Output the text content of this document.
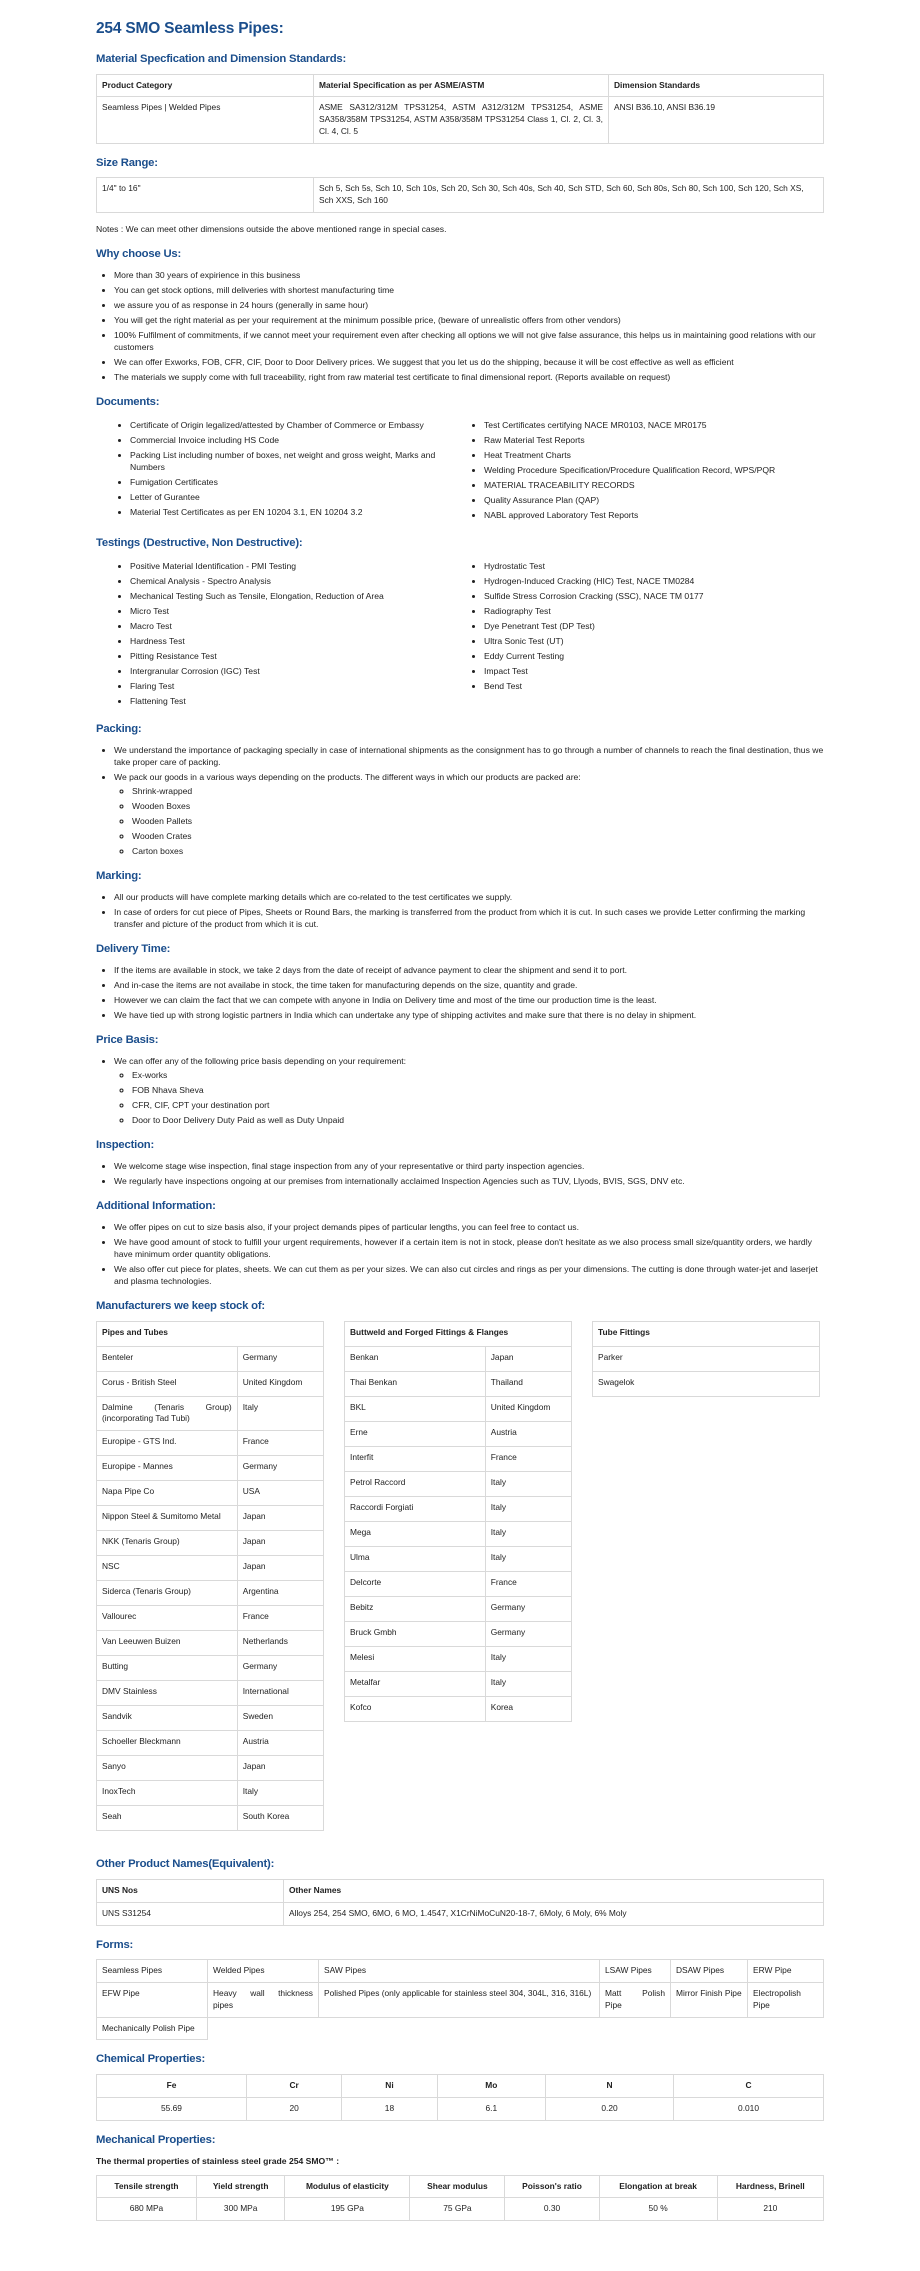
254 SMO Seamless Pipes:
Material Specfication and Dimension Standards:
Product Category	Material Specification as per ASME/ASTM	Dimension Standards
Seamless Pipes | Welded Pipes	ASME SA312/312M TPS31254, ASTM A312/312M TPS31254, ASME SA358/358M TPS31254, ASTM A358/358M TPS31254 Class 1, Cl. 2, Cl. 3, Cl. 4, Cl. 5	ANSI B36.10, ANSI B36.19
Size Range:
1/4" to 16"	Sch 5, Sch 5s, Sch 10, Sch 10s, Sch 20, Sch 30, Sch 40s, Sch 40, Sch STD, Sch 60, Sch 80s, Sch 80, Sch 100, Sch 120, Sch XS, Sch XXS, Sch 160
Notes : We can meet other dimensions outside the above mentioned range in special cases.
Why choose Us:
• More than 30 years of expirience in this business
• You can get stock options, mill deliveries with shortest manufacturing time
• we assure you of as response in 24 hours (generally in same hour)
• You will get the right material as per your requirement at the minimum possible price, (beware of unrealistic offers from other vendors)
• 100% Fulfilment of commitments, if we cannot meet your requirement even after checking all options we will not give false assurance, this helps us in maintaining good relations with our customers
• We can offer Exworks, FOB, CFR, CIF, Door to Door Delivery prices. We suggest that you let us do the shipping, because it will be cost effective as well as efficient
• The materials we supply come with full traceability, right from raw material test certificate to final dimensional report. (Reports available on request)
Documents:
• Certificate of Origin legalized/attested by Chamber of Commerce or Embassy
• Commercial Invoice including HS Code
• Packing List including number of boxes, net weight and gross weight, Marks and Numbers
• Fumigation Certificates
• Letter of Gurantee
• Material Test Certificates as per EN 10204 3.1, EN 10204 3.2
• Test Certificates certifying NACE MR0103, NACE MR0175
• Raw Material Test Reports
• Heat Treatment Charts
• Welding Procedure Specification/Procedure Qualification Record, WPS/PQR
• MATERIAL TRACEABILITY RECORDS
• Quality Assurance Plan (QAP)
• NABL approved Laboratory Test Reports
Testings (Destructive, Non Destructive):
• Positive Material Identification - PMI Testing
• Chemical Analysis - Spectro Analysis
• Mechanical Testing Such as Tensile, Elongation, Reduction of Area
• Micro Test
• Macro Test
• Hardness Test
• Pitting Resistance Test
• Intergranular Corrosion (IGC) Test
• Flaring Test
• Flattening Test
• Hydrostatic Test
• Hydrogen-Induced Cracking (HIC) Test, NACE TM0284
• Sulfide Stress Corrosion Cracking (SSC), NACE TM 0177
• Radiography Test
• Dye Penetrant Test (DP Test)
• Ultra Sonic Test (UT)
• Eddy Current Testing
• Impact Test
• Bend Test
Packing:
• We understand the importance of packaging specially in case of international shipments as the consignment has to go through a number of channels to reach the final destination, thus we take proper care of packing.
• We pack our goods in a various ways depending on the products. The different ways in which our products are packed are:
◦ Shrink-wrapped
◦ Wooden Boxes
◦ Wooden Pallets
◦ Wooden Crates
◦ Carton boxes
Marking:
• All our products will have complete marking details which are co-related to the test certificates we supply.
• In case of orders for cut piece of Pipes, Sheets or Round Bars, the marking is transferred from the product from which it is cut. In such cases we provide Letter confirming the marking transfer and picture of the product from which it is cut.
Delivery Time:
• If the items are available in stock, we take 2 days from the date of receipt of advance payment to clear the shipment and send it to port.
• And in-case the items are not availabe in stock, the time taken for manufacturing depends on the size, quantity and grade.
• However we can claim the fact that we can compete with anyone in India on Delivery time and most of the time our production time is the least.
• We have tied up with strong logistic partners in India which can undertake any type of shipping activites and make sure that there is no delay in shipment.
Price Basis:
• We can offer any of the following price basis depending on your requirement:
◦ Ex-works
◦ FOB Nhava Sheva
◦ CFR, CIF, CPT your destination port
◦ Door to Door Delivery Duty Paid as well as Duty Unpaid
Inspection:
• We welcome stage wise inspection, final stage inspection from any of your representative or third party inspection agencies.
• We regularly have inspections ongoing at our premises from internationally acclaimed Inspection Agencies such as TUV, Llyods, BVIS, SGS, DNV etc.
Additional Information:
• We offer pipes on cut to size basis also, if your project demands pipes of particular lengths, you can feel free to contact us.
• We have good amount of stock to fulfill your urgent requirements, however if a certain item is not in stock, please don't hesitate as we also process small size/quantity orders, we hardly have minimum order quantity obligations.
• We also offer cut piece for plates, sheets. We can cut them as per your sizes. We can also cut circles and rings as per your dimensions. The cutting is done through water-jet and laserjet and plasma technologies.
Manufacturers we keep stock of:
Pipes and Tubes	
Benteler	Germany
Corus - British Steel	United Kingdom
Dalmine (Tenaris Group) (incorporating Tad Tubi)	Italy
Europipe - GTS Ind.	France
Europipe - Mannes	Germany
Napa Pipe Co	USA
Nippon Steel & Sumitomo Metal	Japan
NKK (Tenaris Group)	Japan
NSC	Japan
Siderca (Tenaris Group)	Argentina
Vallourec	France
Van Leeuwen Buizen	Netherlands
Butting	Germany
DMV Stainless	International
Sandvik	Sweden
Schoeller Bleckmann	Austria
Sanyo	Japan
InoxTech	Italy
Seah	South Korea
Buttweld and Forged Fittings & Flanges	
Benkan	Japan
Thai Benkan	Thailand
BKL	United Kingdom
Erne	Austria
Interfit	France
Petrol Raccord	Italy
Raccordi Forgiati	Italy
Mega	Italy
Ulma	Italy
Delcorte	France
Bebitz	Germany
Bruck Gmbh	Germany
Melesi	Italy
Metalfar	Italy
Kofco	Korea
Tube Fittings
Parker
Swagelok
Other Product Names(Equivalent):
UNS Nos	Other Names
UNS S31254	Alloys 254, 254 SMO, 6MO, 6 MO, 1.4547, X1CrNiMoCuN20-18-7, 6Moly, 6 Moly, 6% Moly
Forms:
Seamless Pipes	Welded Pipes	SAW Pipes	LSAW Pipes	DSAW Pipes	ERW Pipe
EFW Pipe	Heavy wall thickness pipes	Polished Pipes (only applicable for stainless steel 304, 304L, 316, 316L)	Matt Polish Pipe	Mirror Finish Pipe	Electropolish Pipe
Mechanically Polish Pipe					
Chemical Properties:
Fe	Cr	Ni	Mo	N	C
55.69	20	18	6.1	0.20	0.010
Mechanical Properties:
The thermal properties of stainless steel grade 254 SMO™ :
Tensile strength	Yield strength	Modulus of elasticity	Shear modulus	Poisson's ratio	Elongation at break	Hardness, Brinell
680 MPa	300 MPa	195 GPa	75 GPa	0.30	50 %	210
